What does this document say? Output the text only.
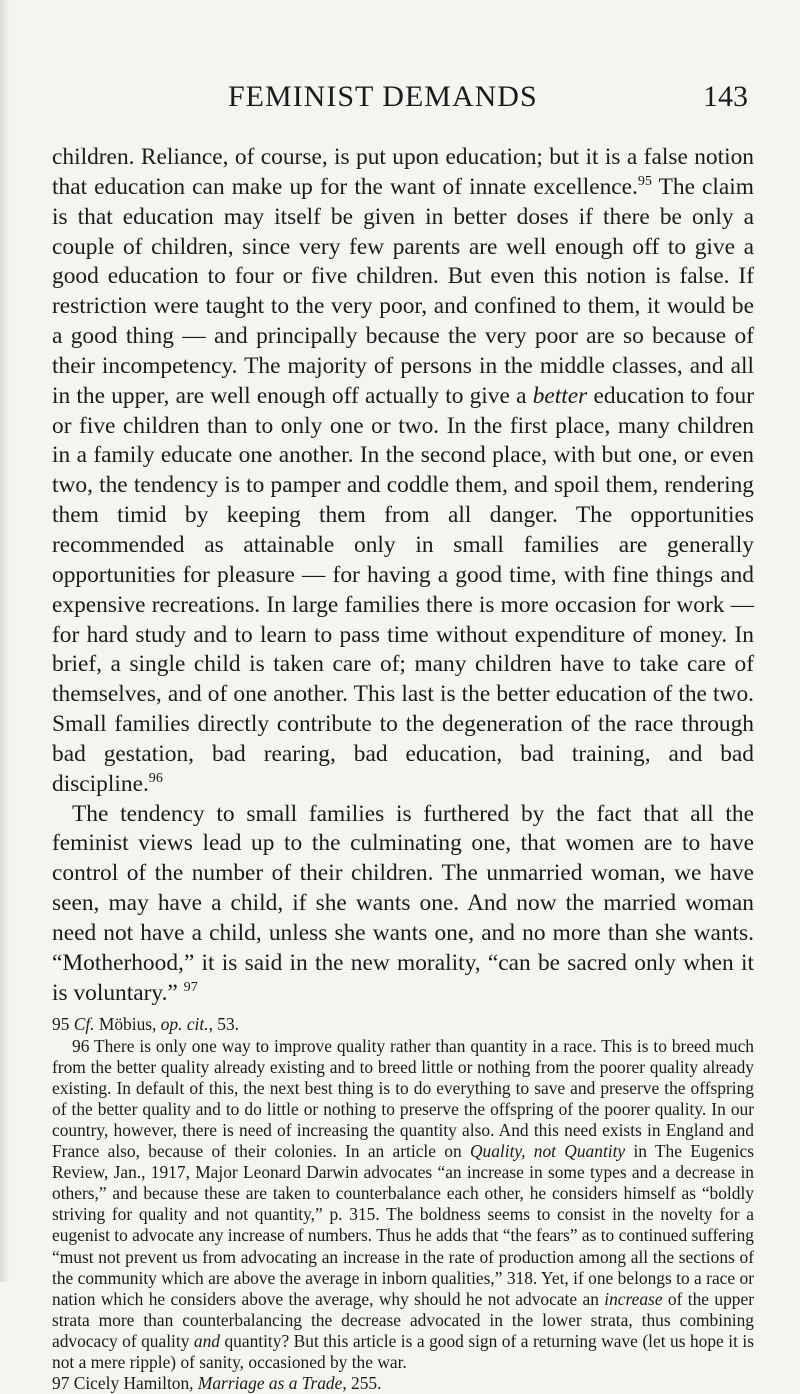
FEMINIST DEMANDS	143

children. Reliance, of course, is put upon education; but it is a false notion that education can make up for the want of innate excellence.$^{95}$ The claim is that education may itself be given in better doses if there be only a couple of children, since very few parents are well enough off to give a good education to four or five children. But even this notion is false. If restriction were taught to the very poor, and confined to them, it would be a good thing — and principally because the very poor are so because of their incompetency. The majority of persons in the middle classes, and all in the upper, are well enough off actually to give a better education to four or five children than to only one or two. In the first place, many children in a family educate one another. In the second place, with but one, or even two, the tendency is to pamper and coddle them, and spoil them, rendering them timid by keeping them from all danger. The opportunities recommended as attainable only in small families are generally opportunities for pleasure — for having a good time, with fine things and expensive recreations. In large families there is more occasion for work — for hard study and to learn to pass time without expenditure of money. In brief, a single child is taken care of; many children have to take care of themselves, and of one another. This last is the better education of the two. Small families directly contribute to the degeneration of the race through bad gestation, bad rearing, bad education, bad training, and bad discipline.$^{96}$

The tendency to small families is furthered by the fact that all the feminist views lead up to the culminating one, that women are to have control of the number of their children. The unmarried woman, we have seen, may have a child, if she wants one. And now the married woman need not have a child, unless she wants one, and no more than she wants. “Motherhood,” it is said in the new morality, “can be sacred only when it is voluntary.” $^{97}$

95 Cf. Möbius, op. cit., 53.

96 There is only one way to improve quality rather than quantity in a race. This is to breed much from the better quality already existing and to breed little or nothing from the poorer quality already existing. In default of this, the next best thing is to do everything to save and preserve the offspring of the better quality and to do little or nothing to preserve the offspring of the poorer quality. In our country, however, there is need of increasing the quantity also. And this need exists in England and France also, because of their colonies. In an article on Quality, not Quantity in The Eugenics Review, Jan., 1917, Major Leonard Darwin advocates “an increase in some types and a decrease in others,” and because these are taken to counterbalance each other, he considers himself as “boldly striving for quality and not quantity,” p. 315. The boldness seems to consist in the novelty for a eugenist to advocate any increase of numbers. Thus he adds that “the fears” as to continued suffering “must not prevent us from advocating an increase in the rate of production among all the sections of the community which are above the average in inborn qualities,” 318. Yet, if one belongs to a race or nation which he considers above the average, why should he not advocate an increase of the upper strata more than counterbalancing the decrease advocated in the lower strata, thus combining advocacy of quality and quantity? But this article is a good sign of a returning wave (let us hope it is not a mere ripple) of sanity, occasioned by the war.

97 Cicely Hamilton, Marriage as a Trade, 255.
